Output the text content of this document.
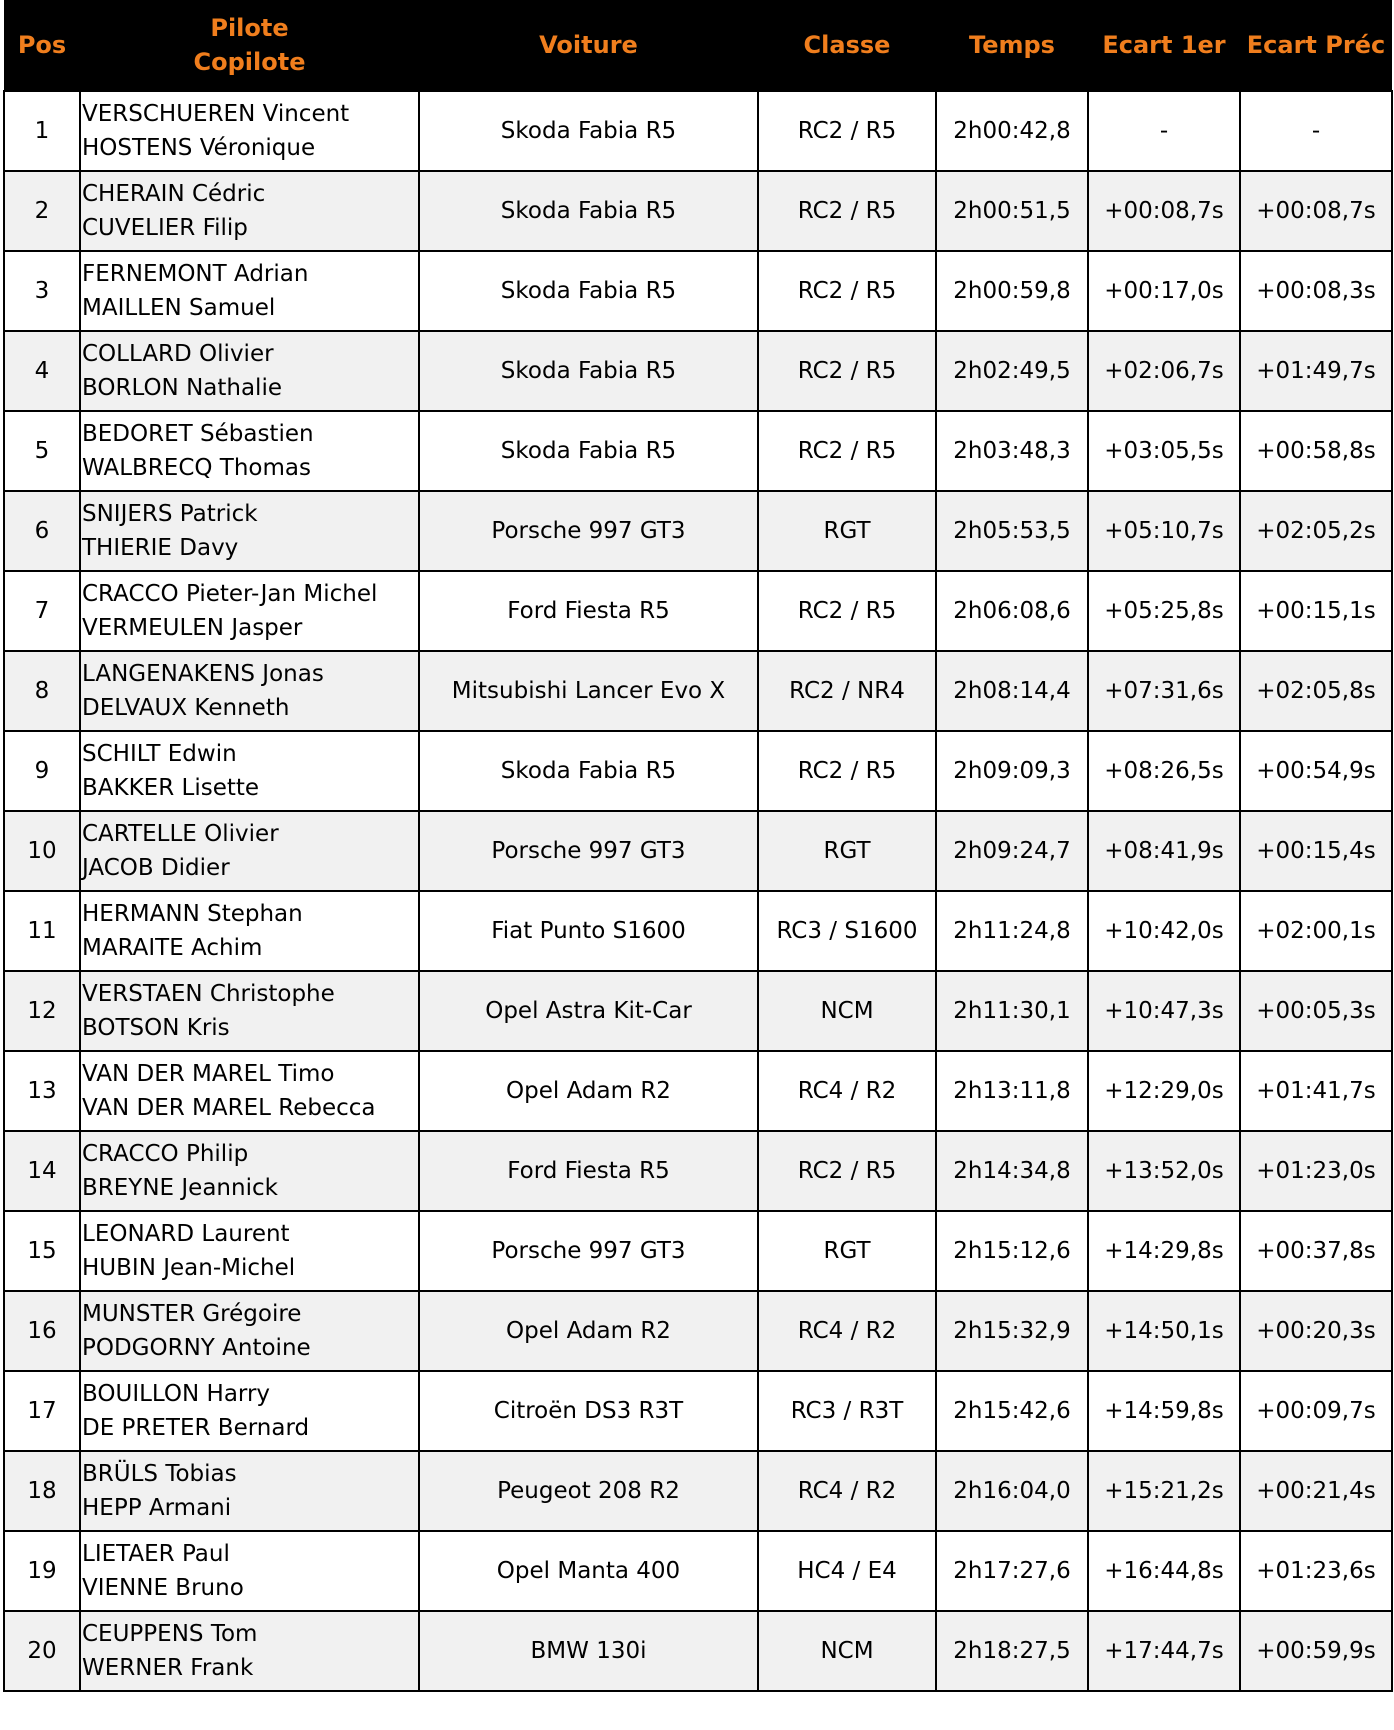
Pos	Pilote
Copilote	Voiture	Classe	Temps	Ecart 1er	Ecart Préc
1	VERSCHUEREN Vincent
HOSTENS Véronique	Skoda Fabia R5	RC2 / R5	2h00:42,8	-	-
2	CHERAIN Cédric
CUVELIER Filip	Skoda Fabia R5	RC2 / R5	2h00:51,5	+00:08,7s	+00:08,7s
3	FERNEMONT Adrian
MAILLEN Samuel	Skoda Fabia R5	RC2 / R5	2h00:59,8	+00:17,0s	+00:08,3s
4	COLLARD Olivier
BORLON Nathalie	Skoda Fabia R5	RC2 / R5	2h02:49,5	+02:06,7s	+01:49,7s
5	BEDORET Sébastien
WALBRECQ Thomas	Skoda Fabia R5	RC2 / R5	2h03:48,3	+03:05,5s	+00:58,8s
6	SNIJERS Patrick
THIERIE Davy	Porsche 997 GT3	RGT	2h05:53,5	+05:10,7s	+02:05,2s
7	CRACCO Pieter-Jan Michel
VERMEULEN Jasper	Ford Fiesta R5	RC2 / R5	2h06:08,6	+05:25,8s	+00:15,1s
8	LANGENAKENS Jonas
DELVAUX Kenneth	Mitsubishi Lancer Evo X	RC2 / NR4	2h08:14,4	+07:31,6s	+02:05,8s
9	SCHILT Edwin
BAKKER Lisette	Skoda Fabia R5	RC2 / R5	2h09:09,3	+08:26,5s	+00:54,9s
10	CARTELLE Olivier
JACOB Didier	Porsche 997 GT3	RGT	2h09:24,7	+08:41,9s	+00:15,4s
11	HERMANN Stephan
MARAITE Achim	Fiat Punto S1600	RC3 / S1600	2h11:24,8	+10:42,0s	+02:00,1s
12	VERSTAEN Christophe
BOTSON Kris	Opel Astra Kit-Car	NCM	2h11:30,1	+10:47,3s	+00:05,3s
13	VAN DER MAREL Timo
VAN DER MAREL Rebecca	Opel Adam R2	RC4 / R2	2h13:11,8	+12:29,0s	+01:41,7s
14	CRACCO Philip
BREYNE Jeannick	Ford Fiesta R5	RC2 / R5	2h14:34,8	+13:52,0s	+01:23,0s
15	LEONARD Laurent
HUBIN Jean-Michel	Porsche 997 GT3	RGT	2h15:12,6	+14:29,8s	+00:37,8s
16	MUNSTER Grégoire
PODGORNY Antoine	Opel Adam R2	RC4 / R2	2h15:32,9	+14:50,1s	+00:20,3s
17	BOUILLON Harry
DE PRETER Bernard	Citroën DS3 R3T	RC3 / R3T	2h15:42,6	+14:59,8s	+00:09,7s
18	BRÜLS Tobias
HEPP Armani	Peugeot 208 R2	RC4 / R2	2h16:04,0	+15:21,2s	+00:21,4s
19	LIETAER Paul
VIENNE Bruno	Opel Manta 400	HC4 / E4	2h17:27,6	+16:44,8s	+01:23,6s
20	CEUPPENS Tom
WERNER Frank	BMW 130i	NCM	2h18:27,5	+17:44,7s	+00:59,9s
